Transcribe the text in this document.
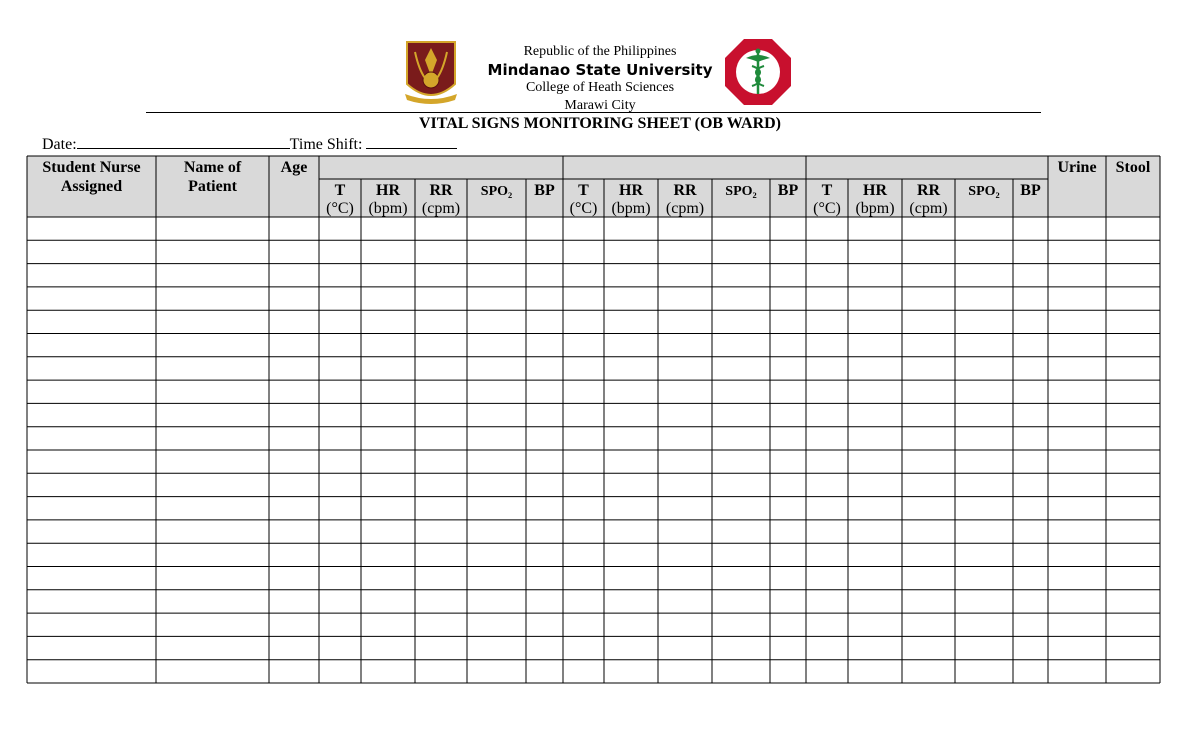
Republic of the Philippines
Mindanao State University
College of Heath Sciences
Marawi City
VITAL SIGNS MONITORING SHEET (OB WARD)
Date:	Time Shift:
Student Nurse
Assigned
Name of
Patient
Age	Urine Stool
T
(°C)
HR
(bpm)
RR
(cpm)
SPO₂ BP T
(°C)
HR
(bpm)
RR
(cpm)
SPO₂ BP T
(°C)
HR
(bpm)
RR
(cpm)
SPO₂ BP
